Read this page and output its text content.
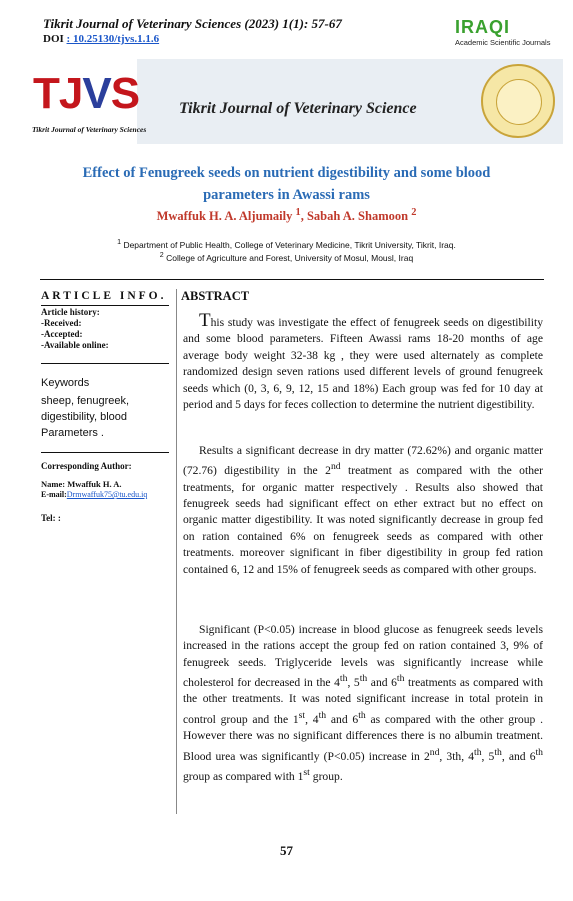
Tikrit Journal of Veterinary Sciences (2023) 1(1): 57-67
DOI : 10.25130/tjvs.1.1.6
IRAQI
Academic Scientific Journals
TJVS
Tikrit Journal of Veterinary Sciences
Tikrit Journal of Veterinary Science
Effect of Fenugreek seeds on nutrient digestibility and some blood
parameters in Awassi rams
Mwaffuk H. A. Aljumaily $^1$, Sabah A. Shamoon $^2$
$^1$ Department of Public Health, College of Veterinary Medicine, Tikrit University, Tikrit, Iraq.
$^2$ College of Agriculture and Forest, University of Mosul, Mousl, Iraq
ARTICLE INFO.
Article history:
-Received:
-Accepted:
-Available online:
Keywords
sheep, fenugreek, digestibility, blood Parameters .
Corresponding Author:
Name: Mwaffuk H. A.
E-mail:Drmwaffuk75@tu.edu.iq
Tel: :
ABSTRACT
This study was investigate the effect of fenugreek seeds on digestibility and some blood parameters. Fifteen Awassi rams 18-20 months of age average body weight 32-38 kg , they were used alternately as complete randomized design seven rations used different levels of ground fenugreek seeds which (0, 3, 6, 9, 12, 15 and 18%) Each group was fed for 10 day at period and 5 days for feces collection to determine the nutrient digestibility.
Results a significant decrease in dry matter (72.62%) and organic matter (72.76) digestibility in the 2nd treatment as compared with the other treatments, for organic matter respectively . Results also showed that fenugreek seeds had significant effect on ether extract but no effect on organic matter digestibility. It was noted significantly decrease in group fed on ration contained 6% on fenugreek seeds as compared with other treatments. moreover significant in fiber digestibility in group fed ration contained 6, 12 and 15% of fenugreek seeds as compared with other groups.
Significant (P<0.05) increase in blood glucose as fenugreek seeds levels increased in the rations accept the group fed on ration contained 3, 9% of fenugreek seeds. Triglyceride levels was significantly increase while cholesterol for decreased in the 4th, 5th and 6th treatments as compared with the other treatments. It was noted significant increase in total protein in control group and the 1st, 4th and 6th as compared with the other group . However there was no significant differences there is no albumin treatment. Blood urea was significantly (P<0.05) increase in 2nd, 3th, 4th, 5th, and 6th group as compared with 1st group.
57
